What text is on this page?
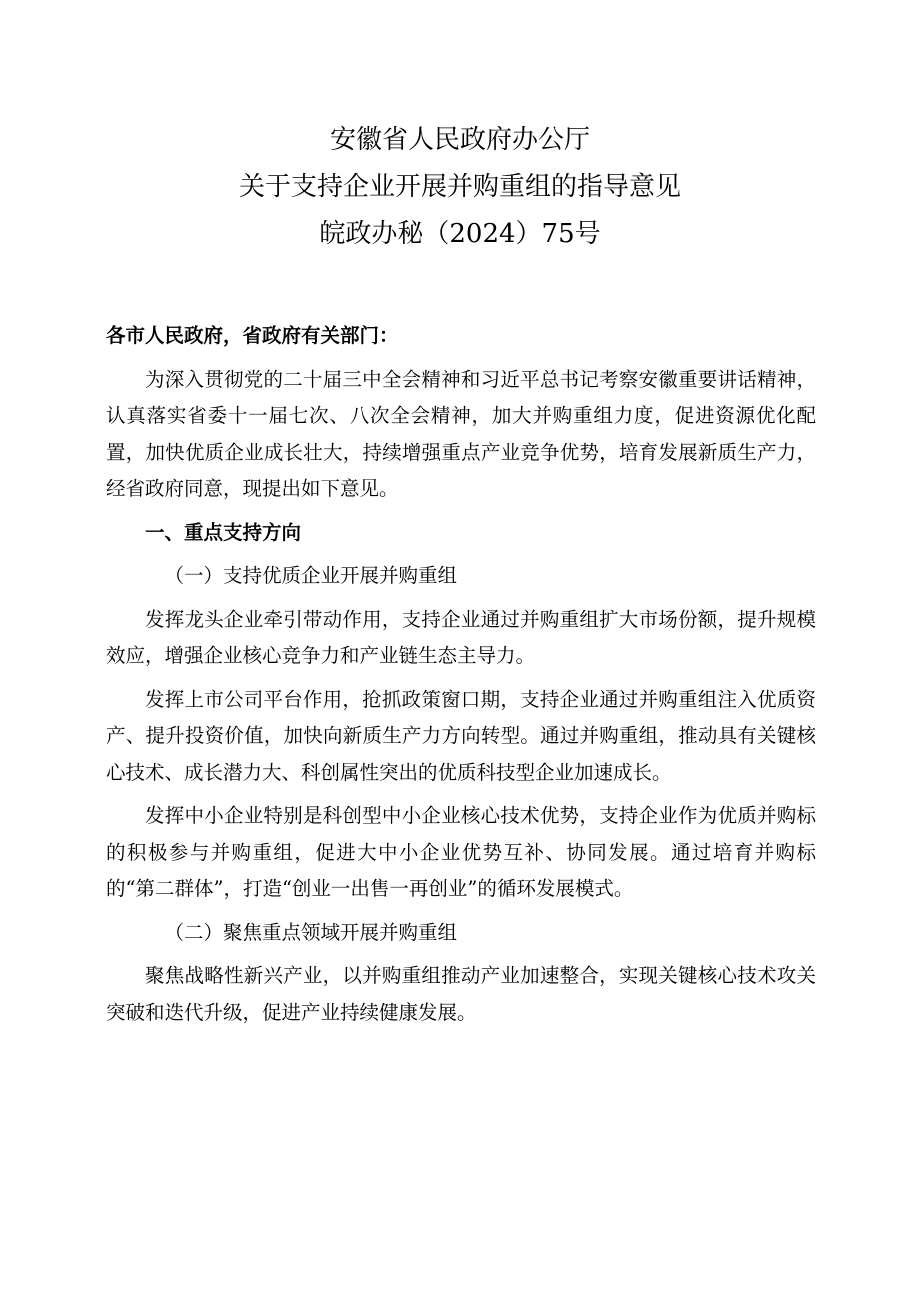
安徽省人民政府办公厅
关于支持企业开展并购重组的指导意见
皖政办秘（2024）75号

各市人民政府，省政府有关部门：

为深入贯彻党的二十届三中全会精神和习近平总书记考察安徽重要讲话精神，认真落实省委十一届七次、八次全会精神，加大并购重组力度，促进资源优化配置，加快优质企业成长壮大，持续增强重点产业竞争优势，培育发展新质生产力，经省政府同意，现提出如下意见。

一、重点支持方向

（一）支持优质企业开展并购重组

发挥龙头企业牵引带动作用，支持企业通过并购重组扩大市场份额，提升规模效应，增强企业核心竞争力和产业链生态主导力。

发挥上市公司平台作用，抢抓政策窗口期，支持企业通过并购重组注入优质资产、提升投资价值，加快向新质生产力方向转型。通过并购重组，推动具有关键核心技术、成长潜力大、科创属性突出的优质科技型企业加速成长。

发挥中小企业特别是科创型中小企业核心技术优势，支持企业作为优质并购标的积极参与并购重组，促进大中小企业优势互补、协同发展。通过培育并购标的“第二群体”，打造“创业一出售一再创业”的循环发展模式。

（二）聚焦重点领域开展并购重组

聚焦战略性新兴产业，以并购重组推动产业加速整合，实现关键核心技术攻关突破和迭代升级，促进产业持续健康发展。
